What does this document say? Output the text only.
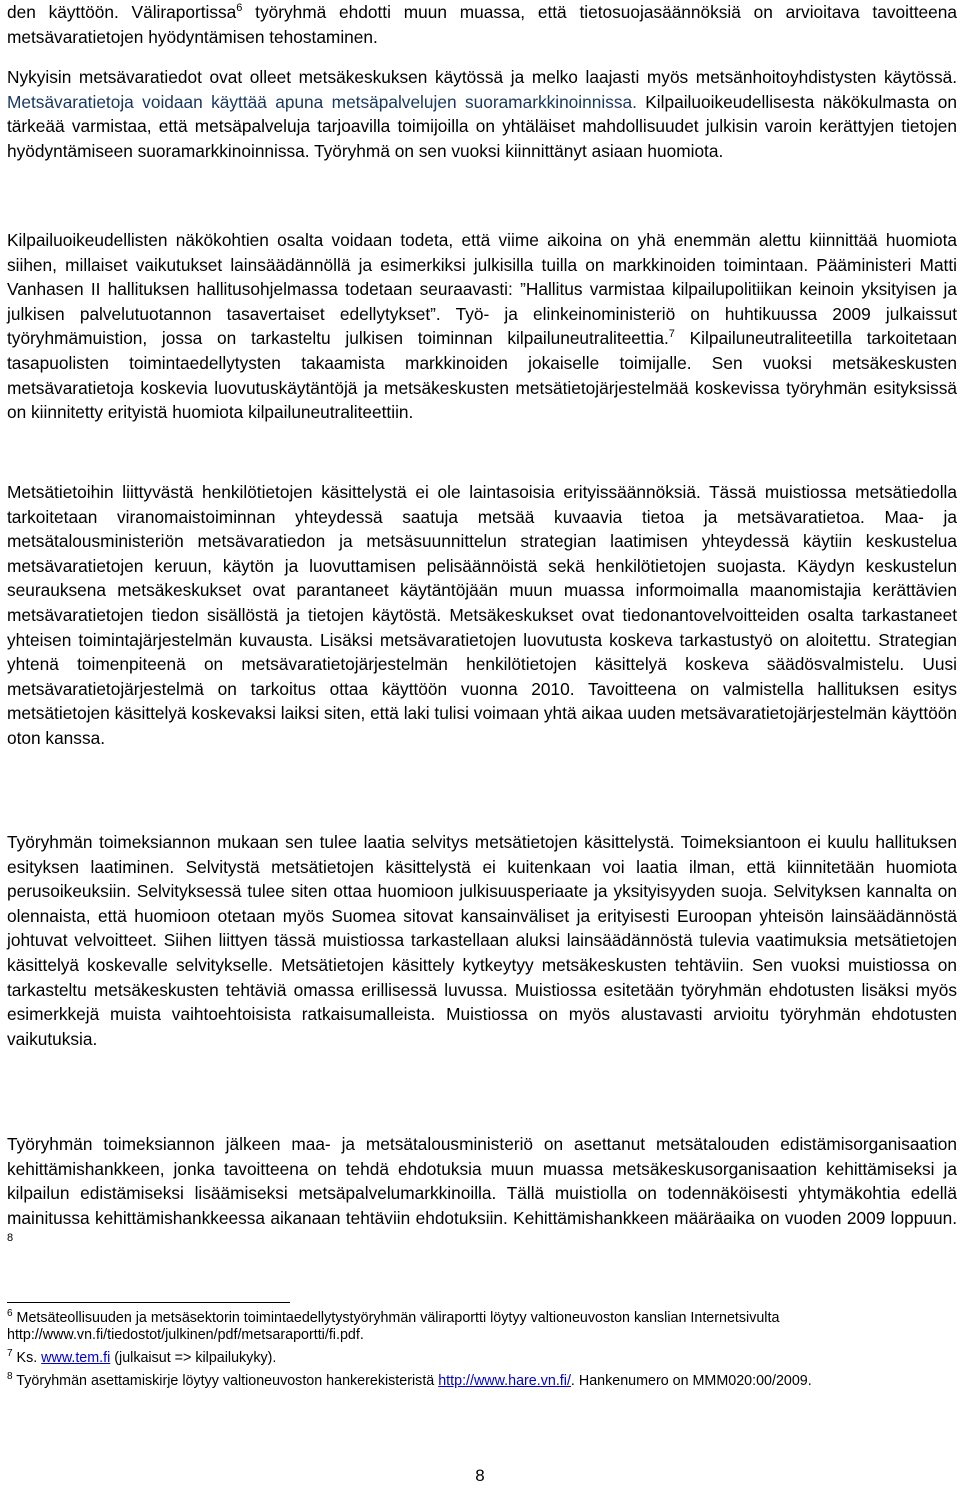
den käyttöön. Väliraportissa$^6$ työryhmä ehdotti muun muassa, että tietosuojasäännöksiä on arvioitava tavoitteena metsävaratietojen hyödyntämisen tehostaminen.

Nykyisin metsävaratiedot ovat olleet metsäkeskuksen käytössä ja melko laajasti myös metsänhoitoyhdistysten käytössä. Metsävaratietoja voidaan käyttää apuna metsäpalvelujen suoramarkkinoinnissa. Kilpailuoikeudellisesta näkökulmasta on tärkeää varmistaa, että metsäpalveluja tarjoavilla toimijoilla on yhtäläiset mahdollisuudet julkisin varoin kerättyjen tietojen hyödyntämiseen suoramarkkinoinnissa. Työryhmä on sen vuoksi kiinnittänyt asiaan huomiota.

Kilpailuoikeudellisten näkökohtien osalta voidaan todeta, että viime aikoina on yhä enemmän alettu kiinnittää huomiota siihen, millaiset vaikutukset lainsäädännöllä ja esimerkiksi julkisilla tuilla on markkinoiden toimintaan. Pääministeri Matti Vanhasen II hallituksen hallitusohjelmassa todetaan seuraavasti: ”Hallitus varmistaa kilpailupolitiikan keinoin yksityisen ja julkisen palvelutuotannon tasavertaiset edellytykset”. Työ- ja elinkeinoministeriö on huhtikuussa 2009 julkaissut työryhmämuistion, jossa on tarkasteltu julkisen toiminnan kilpailuneutraliteettia.$^7$ Kilpailuneutraliteetilla tarkoitetaan tasapuolisten toimintaedellytysten takaamista markkinoiden jokaiselle toimijalle. Sen vuoksi metsäkeskusten metsävaratietoja koskevia luovutuskäytäntöjä ja metsäkeskusten metsätietojärjestelmää koskevissa työryhmän esityksissä on kiinnitetty erityistä huomiota kilpailuneutraliteettiin.

Metsätietoihin liittyvästä henkilötietojen käsittelystä ei ole laintasoisia erityissäännöksiä. Tässä muistiossa metsätiedolla tarkoitetaan viranomaistoiminnan yhteydessä saatuja metsää kuvaavia tietoa ja metsävaratietoa. Maa- ja metsätalousministeriön metsävaratiedon ja metsäsuunnittelun strategian laatimisen yhteydessä käytiin keskustelua metsävaratietojen keruun, käytön ja luovuttamisen pelisäännöistä sekä henkilötietojen suojasta. Käydyn keskustelun seurauksena metsäkeskukset ovat parantaneet käytäntöjään muun muassa informoimalla maanomistajia kerättävien metsävaratietojen tiedon sisällöstä ja tietojen käytöstä. Metsäkeskukset ovat tiedonantovelvoitteiden osalta tarkastaneet yhteisen toimintajärjestelmän kuvausta. Lisäksi metsävaratietojen luovutusta koskeva tarkastustyö on aloitettu. Strategian yhtenä toimenpiteenä on metsävaratietojärjestelmän henkilötietojen käsittelyä koskeva säädösvalmistelu. Uusi metsävaratietojärjestelmä on tarkoitus ottaa käyttöön vuonna 2010. Tavoitteena on valmistella hallituksen esitys metsätietojen käsittelyä koskevaksi laiksi siten, että laki tulisi voimaan yhtä aikaa uuden metsävaratietojärjestelmän käyttöön oton kanssa.

Työryhmän toimeksiannon mukaan sen tulee laatia selvitys metsätietojen käsittelystä. Toimeksiantoon ei kuulu hallituksen esityksen laatiminen. Selvitystä metsätietojen käsittelystä ei kuitenkaan voi laatia ilman, että kiinnitetään huomiota perusoikeuksiin. Selvityksessä tulee siten ottaa huomioon julkisuusperiaate ja yksityisyyden suoja. Selvityksen kannalta on olennaista, että huomioon otetaan myös Suomea sitovat kansainväliset ja erityisesti Euroopan yhteisön lainsäädännöstä johtuvat velvoitteet. Siihen liittyen tässä muistiossa tarkastellaan aluksi lainsäädännöstä tulevia vaatimuksia metsätietojen käsittelyä koskevalle selvitykselle. Metsätietojen käsittely kytkeytyy metsäkeskusten tehtäviin. Sen vuoksi muistiossa on tarkasteltu metsäkeskusten tehtäviä omassa erillisessä luvussa. Muistiossa esitetään työryhmän ehdotusten lisäksi myös esimerkkejä muista vaihtoehtoisista ratkaisumalleista. Muistiossa on myös alustavasti arvioitu työryhmän ehdotusten vaikutuksia.

Työryhmän toimeksiannon jälkeen maa- ja metsätalousministeriö on asettanut metsätalouden edistämisorganisaation kehittämishankkeen, jonka tavoitteena on tehdä ehdotuksia muun muassa metsäkeskusorganisaation kehittämiseksi ja kilpailun edistämiseksi lisäämiseksi metsäpalvelumarkkinoilla. Tällä muistiolla on todennäköisesti yhtymäkohtia edellä mainitussa kehittämishankkeessa aikanaan tehtäviin ehdotuksiin. Kehittämishankkeen määräaika on vuoden 2009 loppuun. $^8$

$^6$ Metsäteollisuuden ja metsäsektorin toimintaedellytystyöryhmän väliraportti löytyy valtioneuvoston kanslian Internetsivulta http://www.vn.fi/tiedostot/julkinen/pdf/metsaraportti/fi.pdf.

$^7$ Ks. www.tem.fi (julkaisut => kilpailukyky).

$^8$ Työryhmän asettamiskirje löytyy valtioneuvoston hankerekisteristä http://www.hare.vn.fi/. Hankenumero on MMM020:00/2009.

8
